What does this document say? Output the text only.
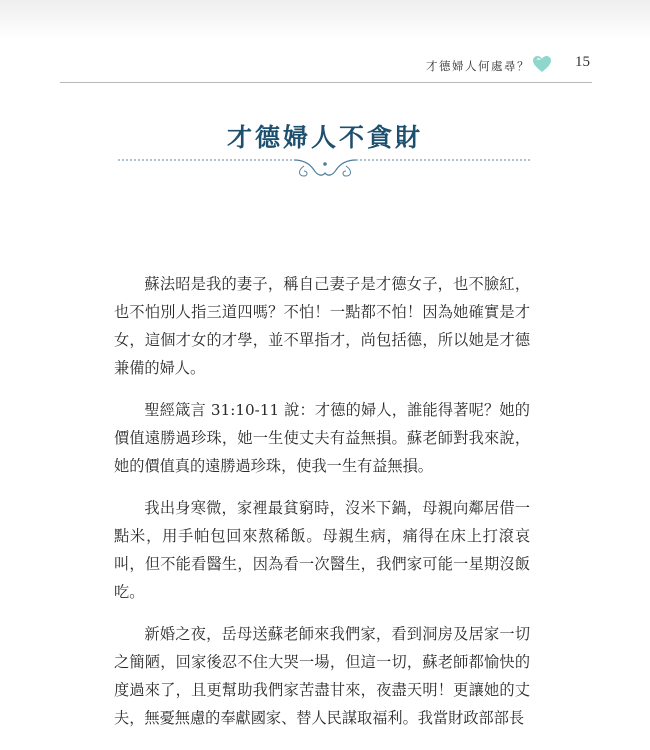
才德婦人何處尋？	15
才德婦人不貪財

蘇法昭是我的妻子，稱自己妻子是才德女子，也不臉紅，也不怕別人指三道四嗎？不怕！一點都不怕！因為她確實是才女，這個才女的才學，並不單指才，尚包括德，所以她是才德兼備的婦人。

聖經箴言 31:10-11 說：才德的婦人，誰能得著呢？她的價值遠勝過珍珠，她一生使丈夫有益無損。蘇老師對我來說，她的價值真的遠勝過珍珠，使我一生有益無損。

我出身寒微，家裡最貧窮時，沒米下鍋，母親向鄰居借一點米，用手帕包回來熬稀飯。母親生病，痛得在床上打滾哀叫，但不能看醫生，因為看一次醫生，我們家可能一星期沒飯吃。

新婚之夜，岳母送蘇老師來我們家，看到洞房及居家一切之簡陋，回家後忍不住大哭一場，但這一切，蘇老師都愉快的度過來了，且更幫助我們家苦盡甘來，夜盡天明！更讓她的丈夫，無憂無慮的奉獻國家、替人民謀取福利。我當財政部部長
